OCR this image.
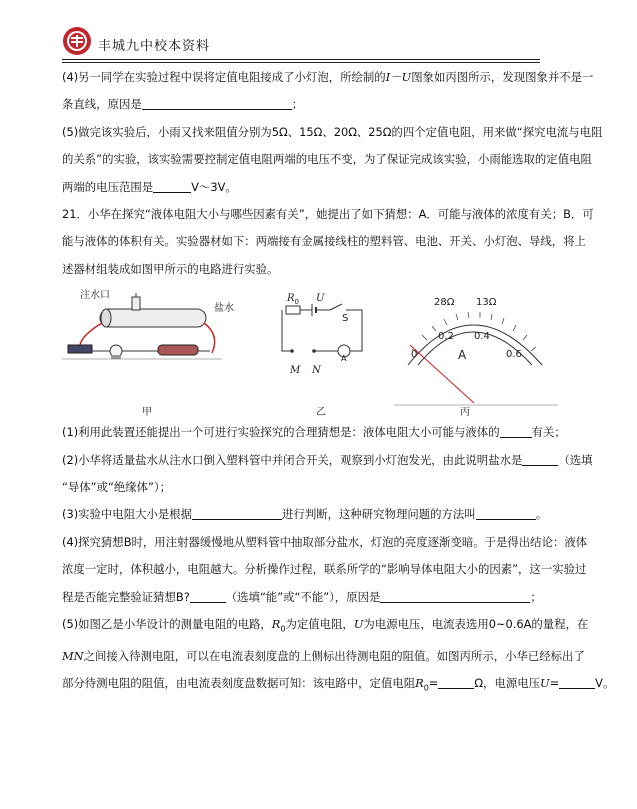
丰城九中校本资料
(4)另一同学在实验过程中误将定值电阻接成了小灯泡，所绘制的I－U图象如丙图所示，发现图象并不是一
条直线，原因是	；
(5)做完该实验后，小雨又找来阻值分别为5Ω、15Ω、20Ω、25Ω的四个定值电阻，用来做“探究电流与电阻
的关系”的实验，该实验需要控制定值电阻两端的电压不变，为了保证完成该实验，小雨能选取的定值电阻
两端的电压范围是	V～3V。
21．小华在探究“液体电阻大小与哪些因素有关”，她提出了如下猜想：A．可能与液体的浓度有关；B．可
能与液体的体积有关。实验器材如下：两端接有金属接线柱的塑料管、电池、开关、小灯泡、导线，将上
述器材组装成如图甲所示的电路进行实验。
注水口
盐水
甲
$R_0$ U
S
A
M N
乙
28Ω 13Ω
0
0.2 0.4
0.6
A
丙
(1)利用此装置还能提出一个可进行实验探究的合理猜想是：液体电阻大小可能与液体的	有关；
(2)小华将适量盐水从注水口倒入塑料管中并闭合开关，观察到小灯泡发光，由此说明盐水是	（选填
“导体”或“绝缘体”）；
(3)实验中电阻大小是根据	进行判断，这种研究物理问题的方法叫	。
(4)探究猜想B时，用注射器缓慢地从塑料管中抽取部分盐水，灯泡的亮度逐渐变暗。于是得出结论：液体
浓度一定时，体积越小，电阻越大。分析操作过程，联系所学的“影响导体电阻大小的因素”，这一实验过
程是否能完整验证猜想B?	（选填“能”或“不能”），原因是	；
(5)如图乙是小华设计的测量电阻的电路，$R_0$为定值电阻，U为电源电压，电流表选用0~0.6A的量程，在
MN之间接入待测电阻，可以在电流表刻度盘的上侧标出待测电阻的阻值。如图丙所示，小华已经标出了
部分待测电阻的阻值，由电流表刻度盘数据可知：该电路中，定值电阻$R_0=$	Ω，电源电压U=	V。
